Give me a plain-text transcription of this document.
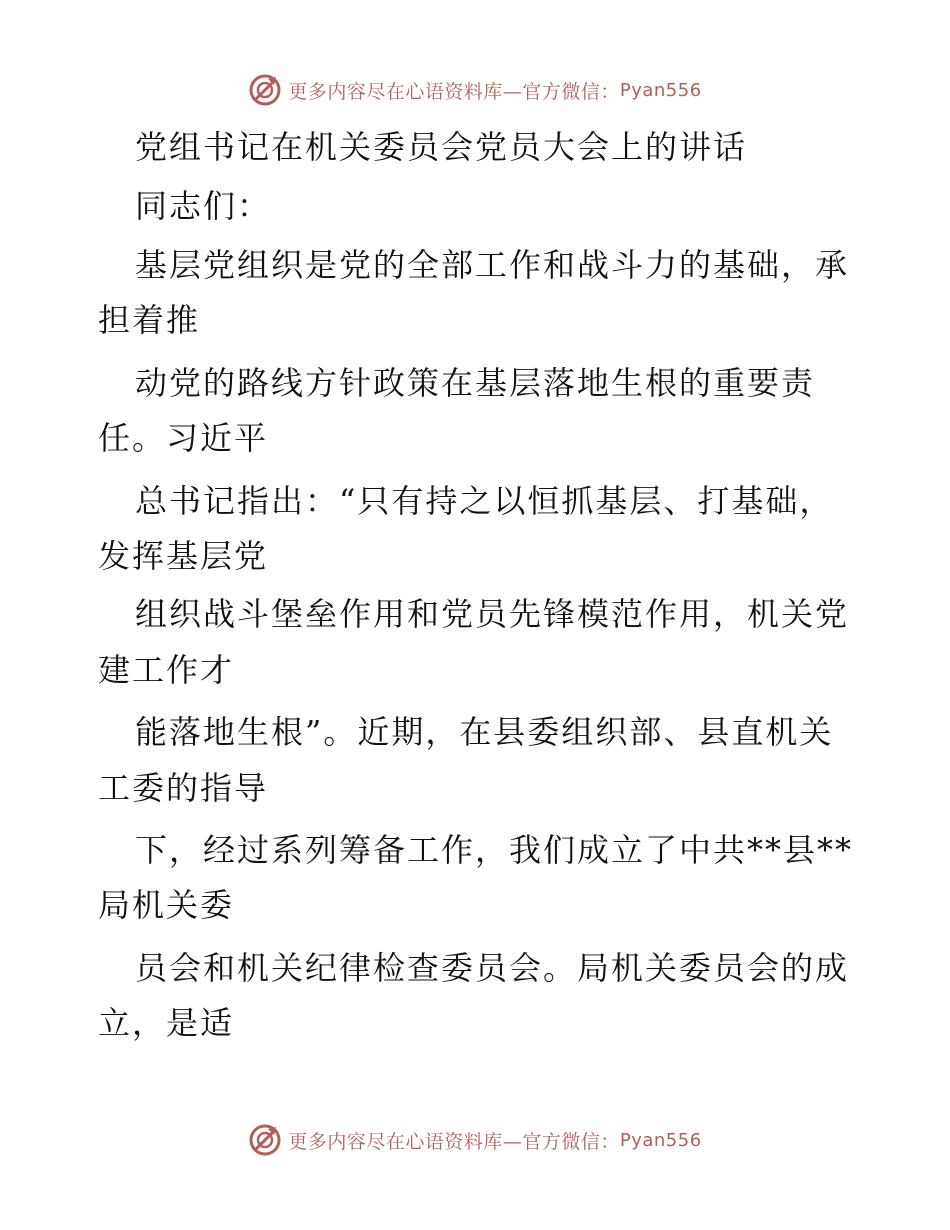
更多内容尽在心语资料库—官方微信： Pyan556
党组书记在机关委员会党员大会上的讲话
同志们：
基层党组织是党的全部工作和战斗力的基础，承
担着推
动党的路线方针政策在基层落地生根的重要责
任。习近平
总书记指出：“只有持之以恒抓基层、打基础，
发挥基层党
组织战斗堡垒作用和党员先锋模范作用，机关党
建工作才
能落地生根”。近期，在县委组织部、县直机关
工委的指导
下，经过系列筹备工作，我们成立了中共**县**
局机关委
员会和机关纪律检查委员会。局机关委员会的成
立，是适
更多内容尽在心语资料库—官方微信： Pyan556
